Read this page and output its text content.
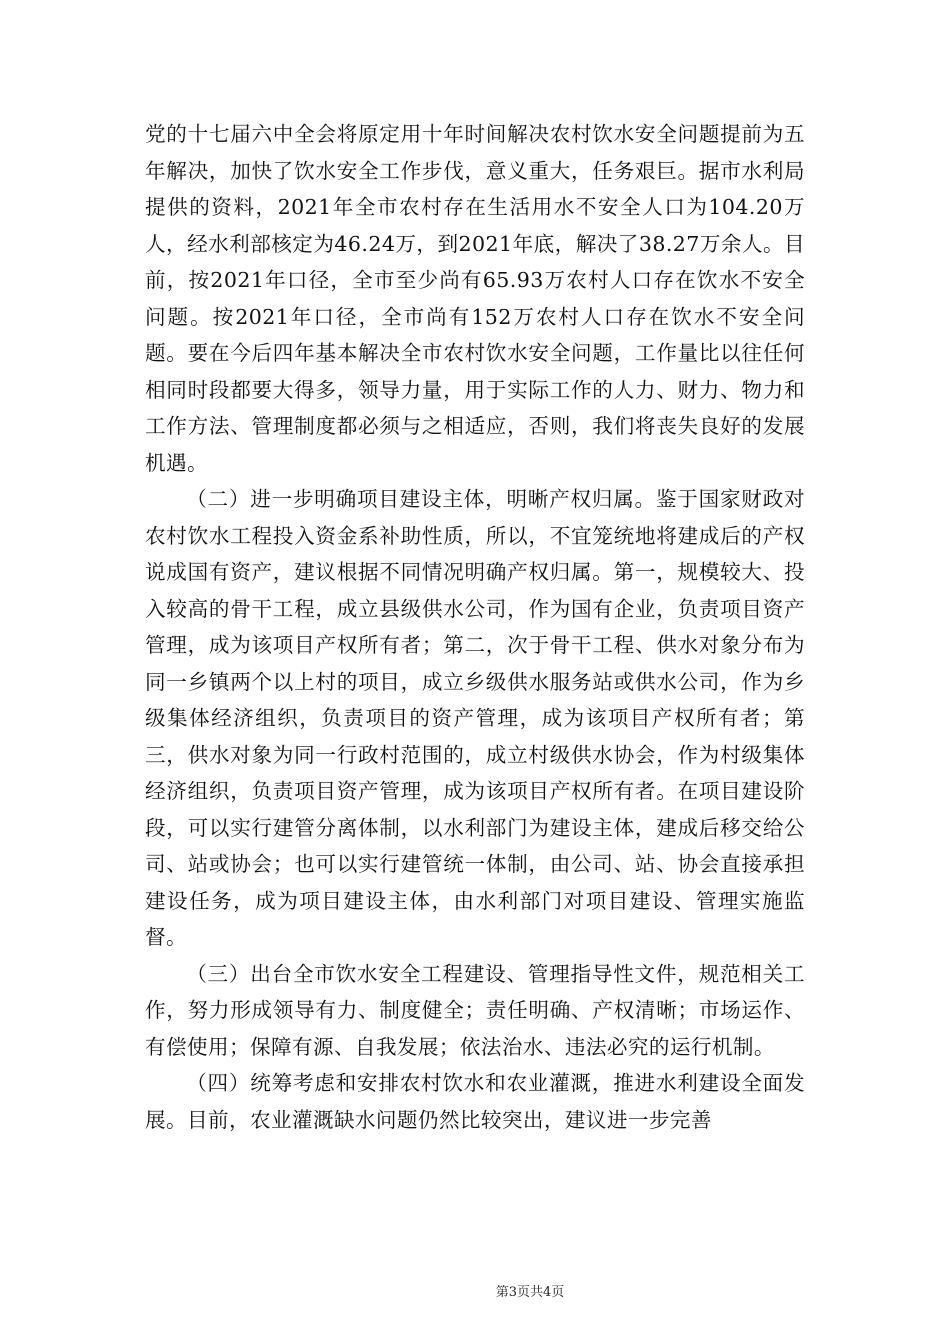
党的十七届六中全会将原定用十年时间解决农村饮水安全问题提前为五年解决，加快了饮水安全工作步伐，意义重大，任务艰巨。据市水利局提供的资料，2021年全市农村存在生活用水不安全人口为104.20万人，经水利部核定为46.24万，到2021年底，解决了38.27万余人。目前，按2021年口径，全市至少尚有65.93万农村人口存在饮水不安全问题。按2021年口径，全市尚有152万农村人口存在饮水不安全问题。要在今后四年基本解决全市农村饮水安全问题，工作量比以往任何相同时段都要大得多，领导力量，用于实际工作的人力、财力、物力和工作方法、管理制度都必须与之相适应，否则，我们将丧失良好的发展机遇。

（二）进一步明确项目建设主体，明晰产权归属。鉴于国家财政对农村饮水工程投入资金系补助性质，所以，不宜笼统地将建成后的产权说成国有资产，建议根据不同情况明确产权归属。第一，规模较大、投入较高的骨干工程，成立县级供水公司，作为国有企业，负责项目资产管理，成为该项目产权所有者；第二，次于骨干工程、供水对象分布为同一乡镇两个以上村的项目，成立乡级供水服务站或供水公司，作为乡级集体经济组织，负责项目的资产管理，成为该项目产权所有者；第三，供水对象为同一行政村范围的，成立村级供水协会，作为村级集体经济组织，负责项目资产管理，成为该项目产权所有者。在项目建设阶段，可以实行建管分离体制，以水利部门为建设主体，建成后移交给公司、站或协会；也可以实行建管统一体制，由公司、站、协会直接承担建设任务，成为项目建设主体，由水利部门对项目建设、管理实施监督。

（三）出台全市饮水安全工程建设、管理指导性文件，规范相关工作，努力形成领导有力、制度健全；责任明确、产权清晰；市场运作、有偿使用；保障有源、自我发展；依法治水、违法必究的运行机制。

（四）统筹考虑和安排农村饮水和农业灌溉，推进水利建设全面发展。目前，农业灌溉缺水问题仍然比较突出，建议进一步完善

第3页共4页
